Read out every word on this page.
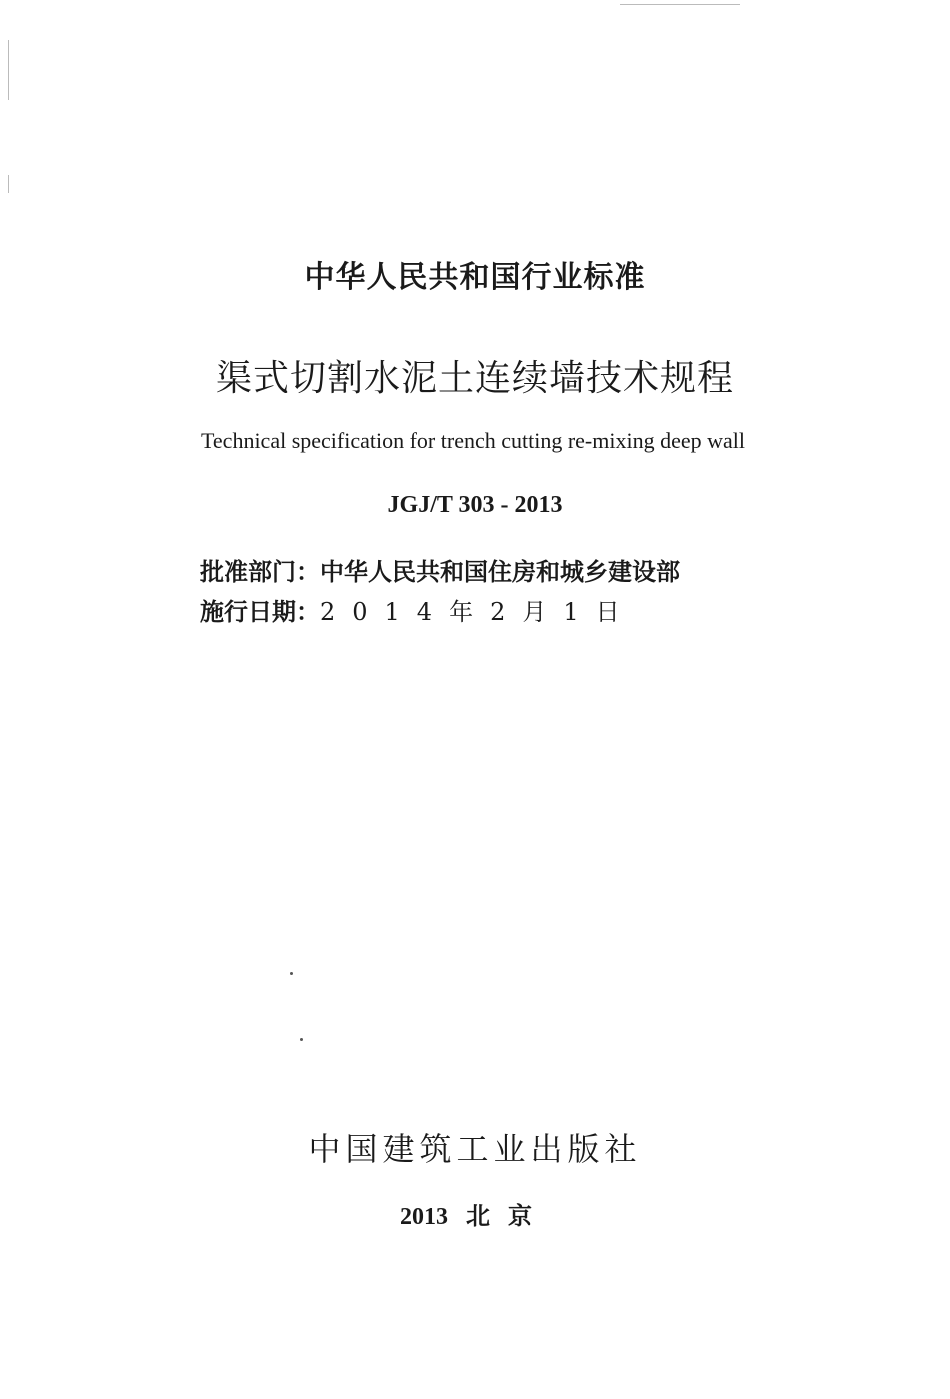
中华人民共和国行业标准
渠式切割水泥土连续墙技术规程
Technical specification for trench cutting re-mixing deep wall
JGJ/T 303 - 2013
批准部门：中华人民共和国住房和城乡建设部
施行日期：2014年2月1日
中国建筑工业出版社
2013 北京
